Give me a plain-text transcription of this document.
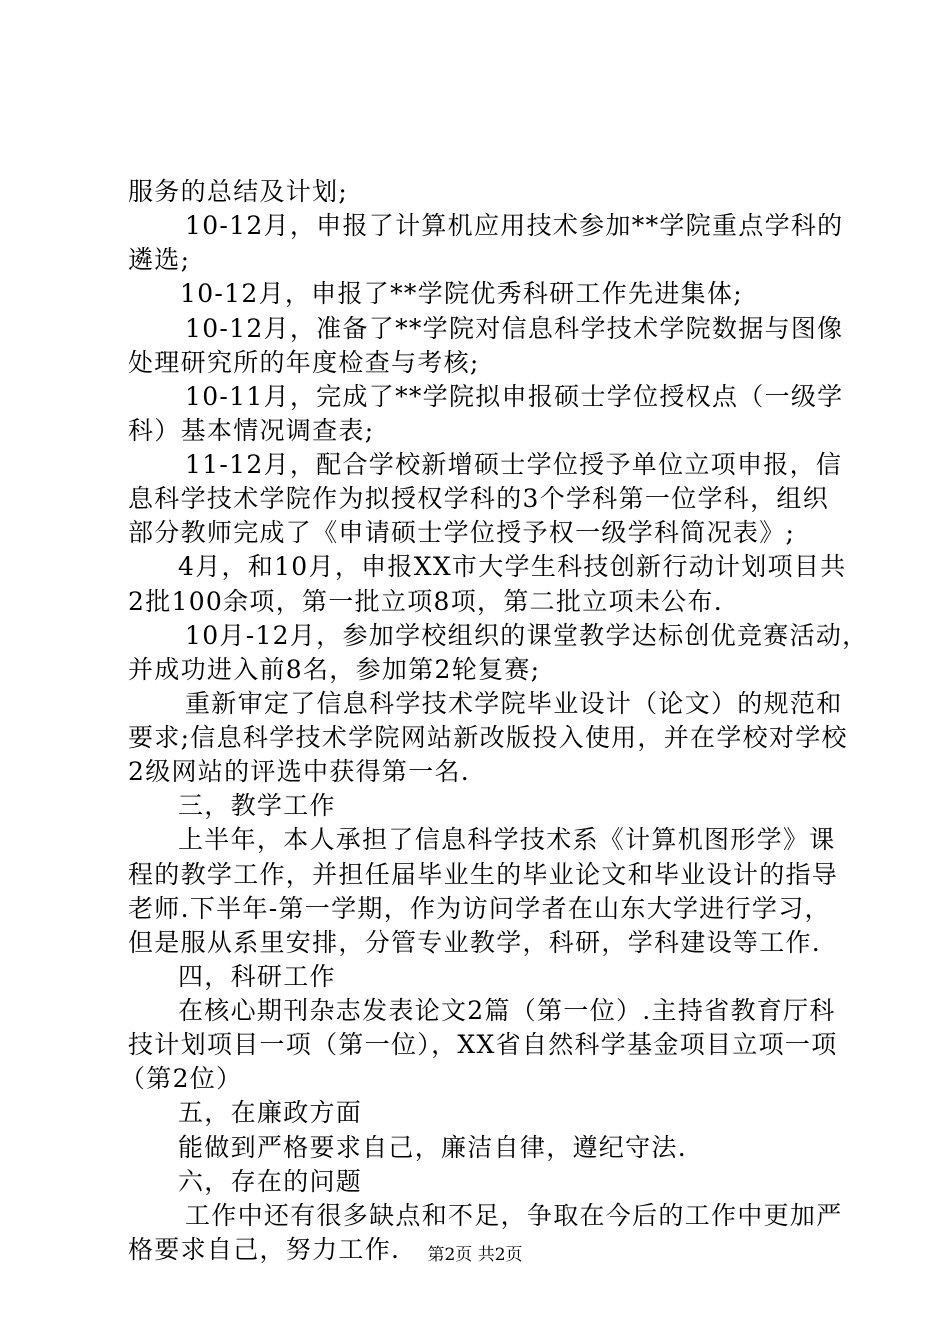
服务的总结及计划;
10-12月，申报了计算机应用技术参加**学院重点学科的
遴选;
10-12月，申报了**学院优秀科研工作先进集体;
10-12月，准备了**学院对信息科学技术学院数据与图像
处理研究所的年度检查与考核;
10-11月，完成了**学院拟申报硕士学位授权点（一级学
科）基本情况调查表;
11-12月，配合学校新增硕士学位授予单位立项申报，信
息科学技术学院作为拟授权学科的3个学科第一位学科，组织
部分教师完成了《申请硕士学位授予权一级学科简况表》;
4月，和10月，申报XX市大学生科技创新行动计划项目共
2批100余项，第一批立项8项，第二批立项未公布.
10月-12月，参加学校组织的课堂教学达标创优竞赛活动，
并成功进入前8名，参加第2轮复赛;
重新审定了信息科学技术学院毕业设计（论文）的规范和
要求;信息科学技术学院网站新改版投入使用，并在学校对学校
2级网站的评选中获得第一名.
三，教学工作
上半年，本人承担了信息科学技术系《计算机图形学》课
程的教学工作，并担任届毕业生的毕业论文和毕业设计的指导
老师.下半年-第一学期，作为访问学者在山东大学进行学习，
但是服从系里安排，分管专业教学，科研，学科建设等工作.
四，科研工作
在核心期刊杂志发表论文2篇（第一位）.主持省教育厅科
技计划项目一项（第一位），XX省自然科学基金项目立项一项
（第2位）
五，在廉政方面
能做到严格要求自己，廉洁自律，遵纪守法.
六，存在的问题
工作中还有很多缺点和不足，争取在今后的工作中更加严
格要求自己，努力工作.	第2页 共2页
